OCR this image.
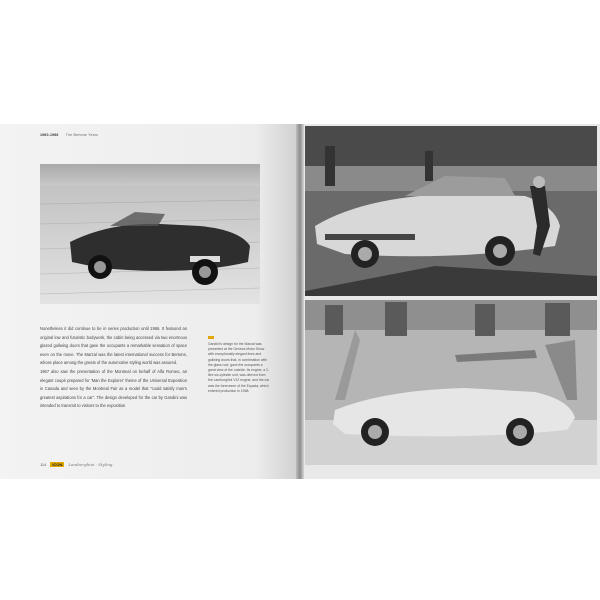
1960-1966 The Bertone Years

Nonetheless it did continue to be in series production until 1966. It featured an original low and futuristic bodywork, the cabin being accessed via two enormous glazed gullwing doors that gave the occupants a remarkable sensation of space even on the move. The Marzal was the latest international success for Bertone, whose place among the greats of the automotive styling world was assured.

1967 also saw the presentation of the Montreal on behalf of Alfa Romeo, an elegant coupé prepared for 'Man the Explorer' theme of the Universal Exposition in Canada and seen by the Montreal Fair as a model that "could satisfy man's greatest aspirations for a car". The design developed for the car by Gandini was intended to transmit to visitors to the exposition

Gandini's design for the Marzal was presented at the Geneva Motor Show with exceptionally elegant lines and gullwing doors that, in combination with the glass roof, gave the occupants a great view of the outside. Its engine, a 2-litre six-cylinder unit, was derived from the Lamborghini V12 engine, and the car was the forerunner of the Espada, which entered production in 1968.
114	ICON	Lamborghini · Styling
